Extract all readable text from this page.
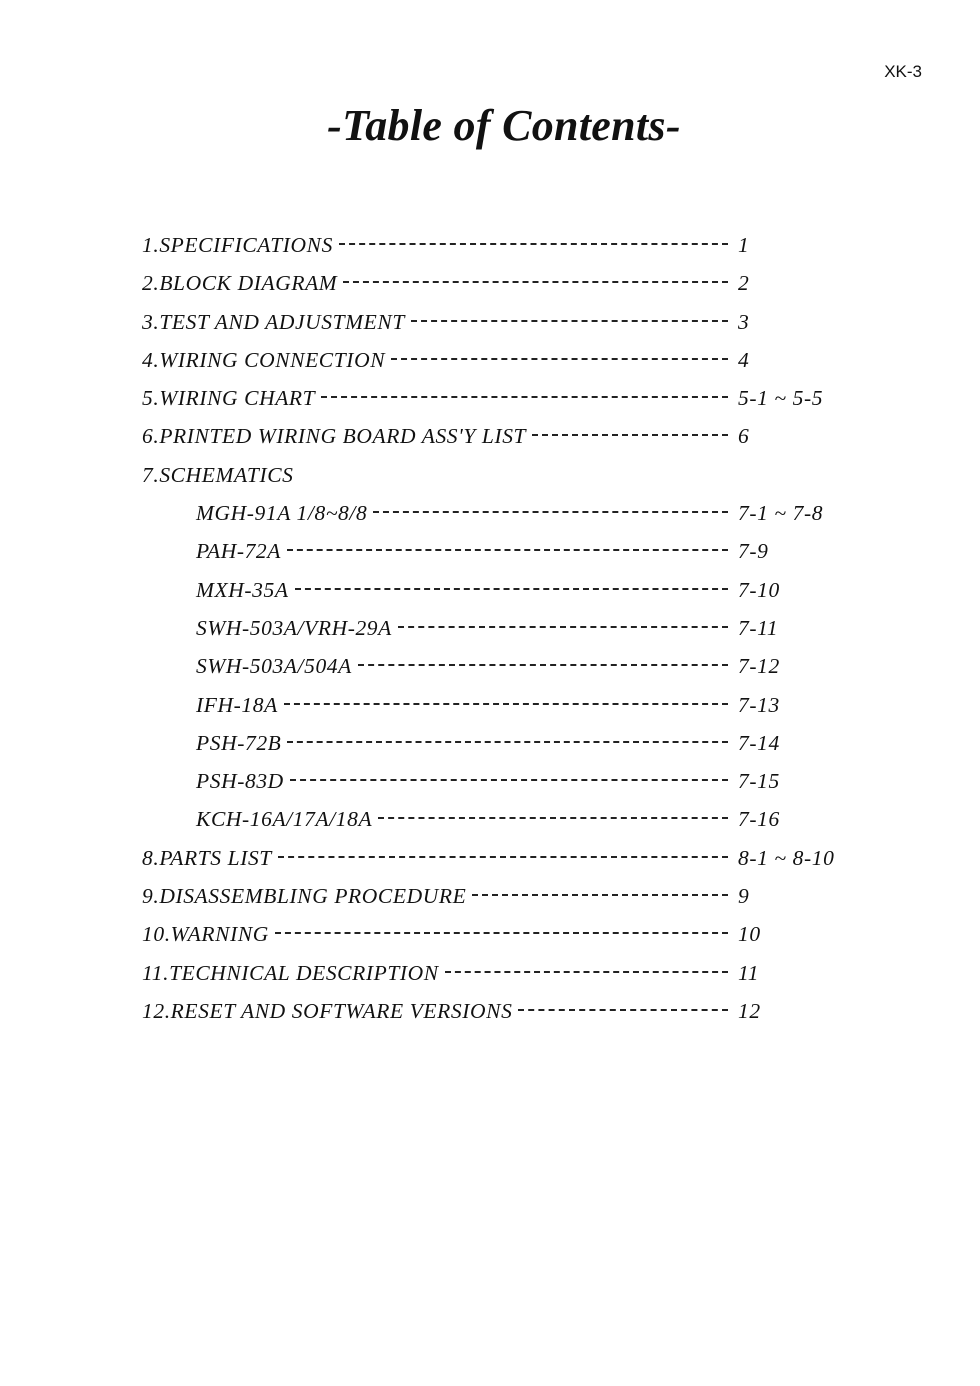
XK-3
-Table of Contents-
1.SPECIFICATIONS	1
2.BLOCK DIAGRAM	2
3.TEST AND ADJUSTMENT	3
4.WIRING CONNECTION	4
5.WIRING CHART	5-1 ~ 5-5
6.PRINTED WIRING BOARD ASS'Y LIST	6
7.SCHEMATICS
MGH-91A 1/8~8/8	7-1 ~ 7-8
PAH-72A	7-9
MXH-35A	7-10
SWH-503A/VRH-29A	7-11
SWH-503A/504A	7-12
IFH-18A	7-13
PSH-72B	7-14
PSH-83D	7-15
KCH-16A/17A/18A	7-16
8.PARTS LIST	8-1 ~ 8-10
9.DISASSEMBLING PROCEDURE	9
10.WARNING	10
11.TECHNICAL DESCRIPTION	11
12.RESET AND SOFTWARE VERSIONS	12
